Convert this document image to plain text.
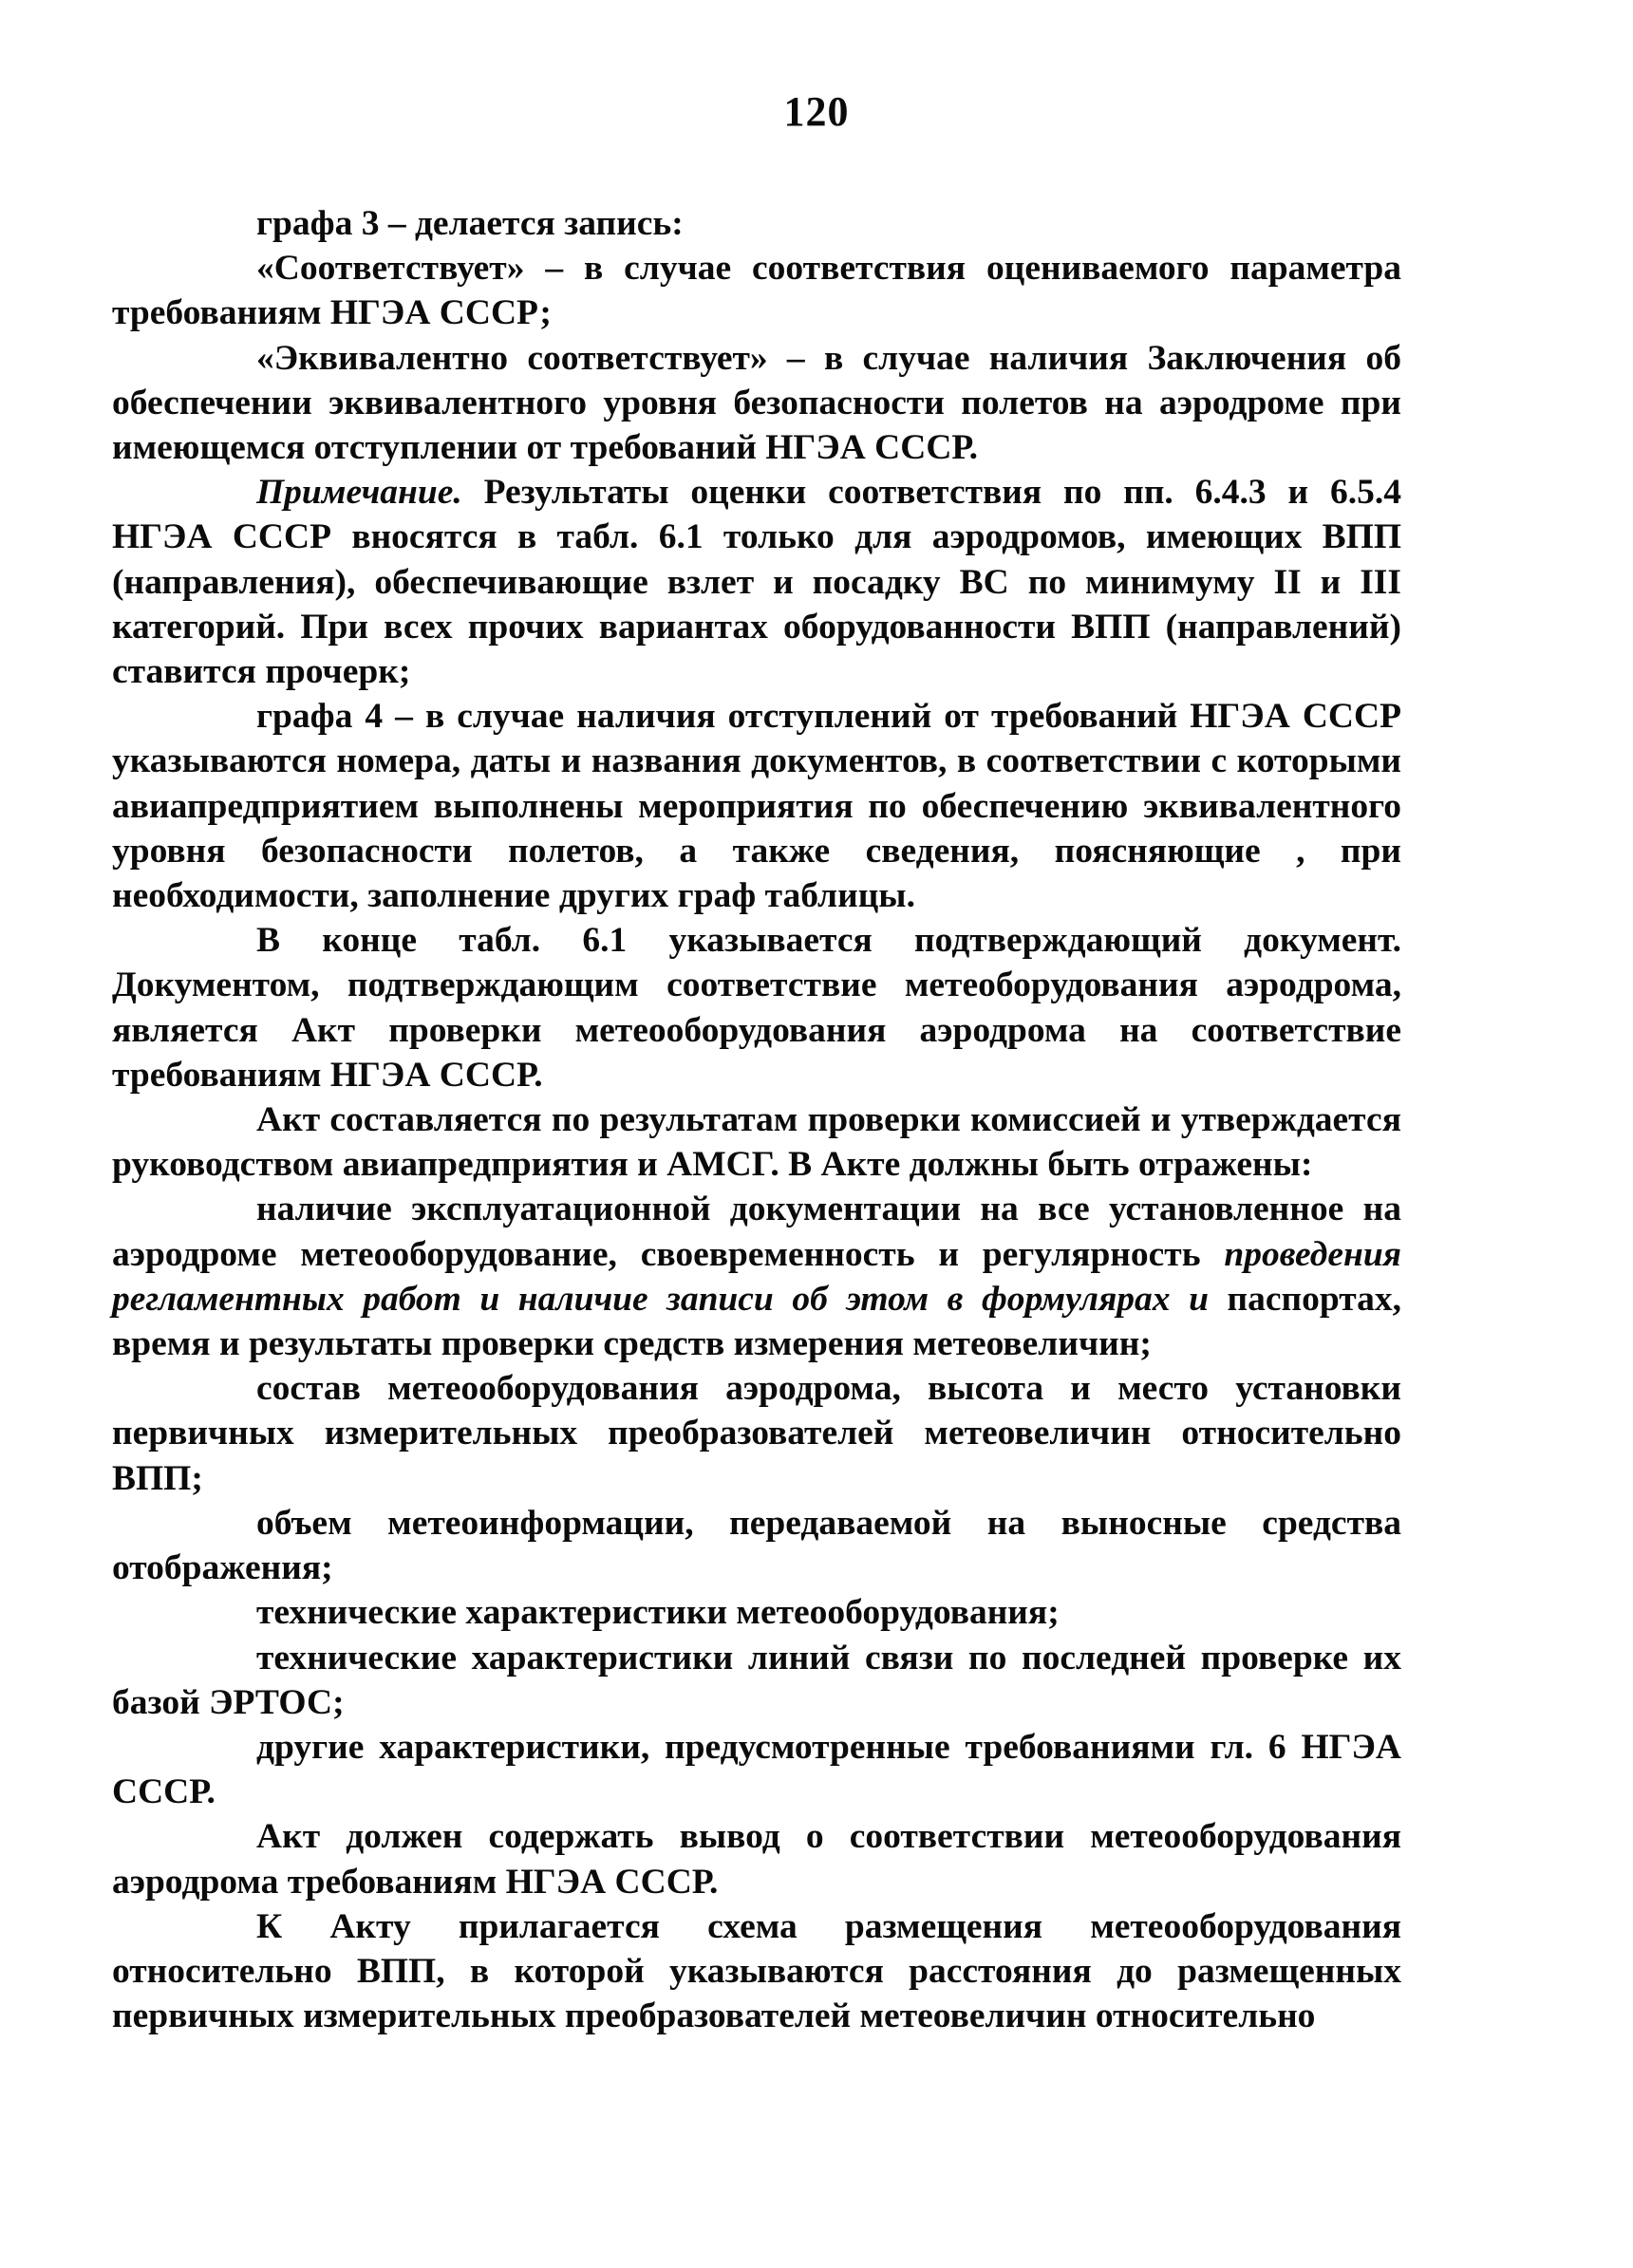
120

графа 3 – делается запись:

«Соответствует» – в случае соответствия оцениваемого параметра требованиям НГЭА СССР;

«Эквивалентно соответствует» – в случае наличия Заключения об обеспечении эквивалентного уровня безопасности полетов на аэродроме при имеющемся отступлении от требований НГЭА СССР.

Примечание. Результаты оценки соответствия по пп. 6.4.3 и 6.5.4 НГЭА СССР вносятся в табл. 6.1 только для аэродромов, имеющих ВПП (направления), обеспечивающие взлет и посадку ВС по минимуму II и III категорий. При всех прочих вариантах оборудованности ВПП (направлений) ставится прочерк;

графа 4 – в случае наличия отступлений от требований НГЭА СССР указываются номера, даты и названия документов, в соответствии с которыми авиапредприятием выполнены мероприятия по обеспечению эквивалентного уровня безопасности полетов, а также сведения, поясняющие , при необходимости, заполнение других граф таблицы.

В конце табл. 6.1 указывается подтверждающий документ. Документом, подтверждающим соответствие метеоборудования аэродрома, является Акт проверки метеооборудования аэродрома на соответствие требованиям НГЭА СССР.

Акт составляется по результатам проверки комиссией и утверждается руководством авиапредприятия и АМСГ. В Акте должны быть отражены:

наличие эксплуатационной документации на все установленное на аэродроме метеооборудование, своевременность и регулярность проведения регламентных работ и наличие записи об этом в формулярах и паспортах, время и результаты проверки средств измерения метеовеличин;

состав метеооборудования аэродрома, высота и место установки первичных измерительных преобразователей метеовеличин относительно ВПП;

объем метеоинформации, передаваемой на выносные средства отображения;

технические характеристики метеооборудования;

технические характеристики линий связи по последней проверке их базой ЭРТОС;

другие характеристики, предусмотренные требованиями гл. 6 НГЭА СССР.

Акт должен содержать вывод о соответствии метеооборудования аэродрома требованиям НГЭА СССР.

К Акту прилагается схема размещения метеооборудования относительно ВПП, в которой указываются расстояния до размещенных первичных измерительных преобразователей метеовеличин относительно
